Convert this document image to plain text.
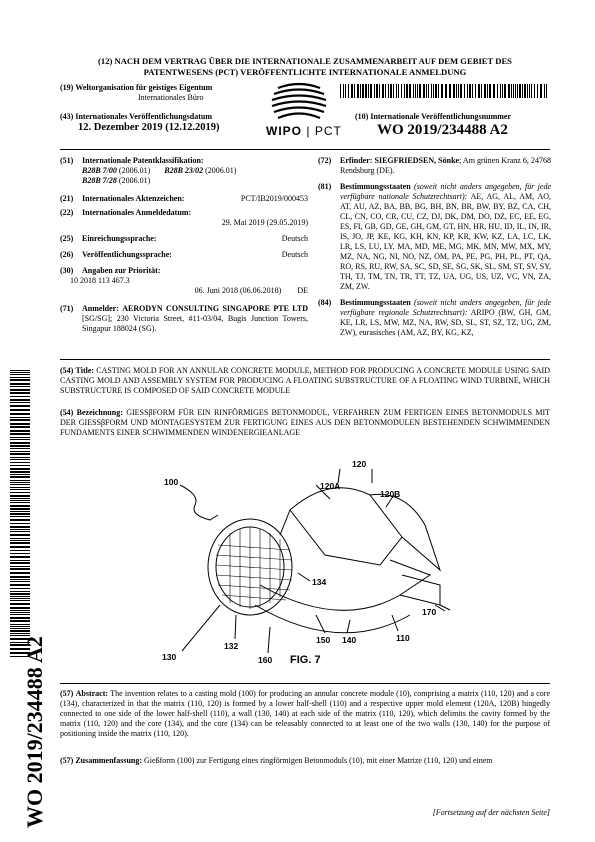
(12) NACH DEM VERTRAG ÜBER DIE INTERNATIONALE ZUSAMMENARBEIT AUF DEM GEBIET DES
PATENTWESENS (PCT) VERÖFFENTLICHTE INTERNATIONALE ANMELDUNG
(19) Weltorganisation für geistiges Eigentum
Internationales Büro
WIPO | PCT
(43) Internationales Veröffentlichungsdatum
12. Dezember 2019 (12.12.2019)
(10) Internationale Veröffentlichungsnummer
WO 2019/234488 A2
(51) Internationale Patentklassifikation:
B28B 7/00 (2006.01) B28B 23/02 (2006.01)
B28B 7/28 (2006.01)
(21) Internationales Aktenzeichen:	PCT/IB2019/000453
(22) Internationales Anmeldedatum:
29. Mai 2019 (29.05.2019)
(25) Einreichungssprache:	Deutsch
(26) Veröffentlichungssprache:	Deutsch
(30) Angaben zur Priorität:
10 2018 113 467.3
06. Juni 2018 (06.06.2018) DE
(71) Anmelder: AERODYN CONSULTING SINGAPORE PTE LTD [SG/SG]; 230 Victoria Street, #11-03/04, Bugis Junction Towers, Singapur 188024 (SG).
(72) Erfinder: SIEGFRIEDSEN, Sönke; Am grünen Kranz 6, 24768 Rendsburg (DE).
(81) Bestimmungsstaaten (soweit nicht anders angegeben, für jede verfügbare nationale Schutzrechtsart): AE, AG, AL, AM, AO, AT, AU, AZ, BA, BB, BG, BH, BN, BR, BW, BY, BZ, CA, CH, CL, CN, CO, CR, CU, CZ, DJ, DK, DM, DO, DZ, EC, EE, EG, ES, FI, GB, GD, GE, GH, GM, GT, HN, HR, HU, ID, IL, IN, IR, IS, JO, JP, KE, KG, KH, KN, KP, KR, KW, KZ, LA, LC, LK, LR, LS, LU, LY, MA, MD, ME, MG, MK, MN, MW, MX, MY, MZ, NA, NG, NI, NO, NZ, OM, PA, PE, PG, PH, PL, PT, QA, RO, RS, RU, RW, SA, SC, SD, SE, SG, SK, SL, SM, ST, SV, SY, TH, TJ, TM, TN, TR, TT, TZ, UA, UG, US, UZ, VC, VN, ZA, ZM, ZW.
(84) Bestimmungsstaaten (soweit nicht anders angegeben, für jede verfügbare regionale Schutzrechtsart): ARIPO (BW, GH, GM, KE, LR, LS, MW, MZ, NA, RW, SD, SL, ST, SZ, TZ, UG, ZM, ZW), eurasisches (AM, AZ, BY, KG, KZ,
(54) Title: CASTING MOLD FOR AN ANNULAR CONCRETE MODULE, METHOD FOR PRODUCING A CONCRETE MODULE USING SAID CASTING MOLD AND ASSEMBLY SYSTEM FOR PRODUCING A FLOATING SUBSTRUCTURE OF A FLOATING WIND TURBINE, WHICH SUBSTRUCTURE IS COMPOSED OF SAID CONCRETE MODULE
(54) Bezeichnung: GIESSβFORM FÜR EIN RINFÖRMIGES BETONMODUL, VERFAHREN ZUM FERTIGEN EINES BETONMODULS MIT DER GIESSβFORM UND MONTAGESYSTEM ZUR FERTIGUNG EINES AUS DEN BETONMODULEN BESTEHENDEN SCHWIMMENDEN FUNDAMENTS EINER SCHWIMMENDEN WINDENERGIEANLAGE
100
120
120A
120B
134
170
130
132
160
150 140	110
FIG. 7
(57) Abstract: The invention relates to a casting mold (100) for producing an annular concrete module (10), comprising a matrix (110, 120) and a core (134), characterized in that the matrix (110, 120) is formed by a lower half-shell (110) and a respective upper mold element (120A, 120B) hingedly connected to one side of the lower half-shell (110), a wall (130, 140) at each side of the matrix (110, 120), which delimits the cavity formed by the matrix (110, 120) and the core (134), and the core (134) can be releasably connected to at least one of the two walls (130, 140) for the purpose of positioning inside the matrix (110, 120).
(57) Zusammenfassung: Gießform (100) zur Fertigung eines ringförmigen Betonmoduls (10), mit einer Matrize (110, 120) und einem
[Fortsetzung auf der nächsten Seite]
WO 2019/234488 A2
